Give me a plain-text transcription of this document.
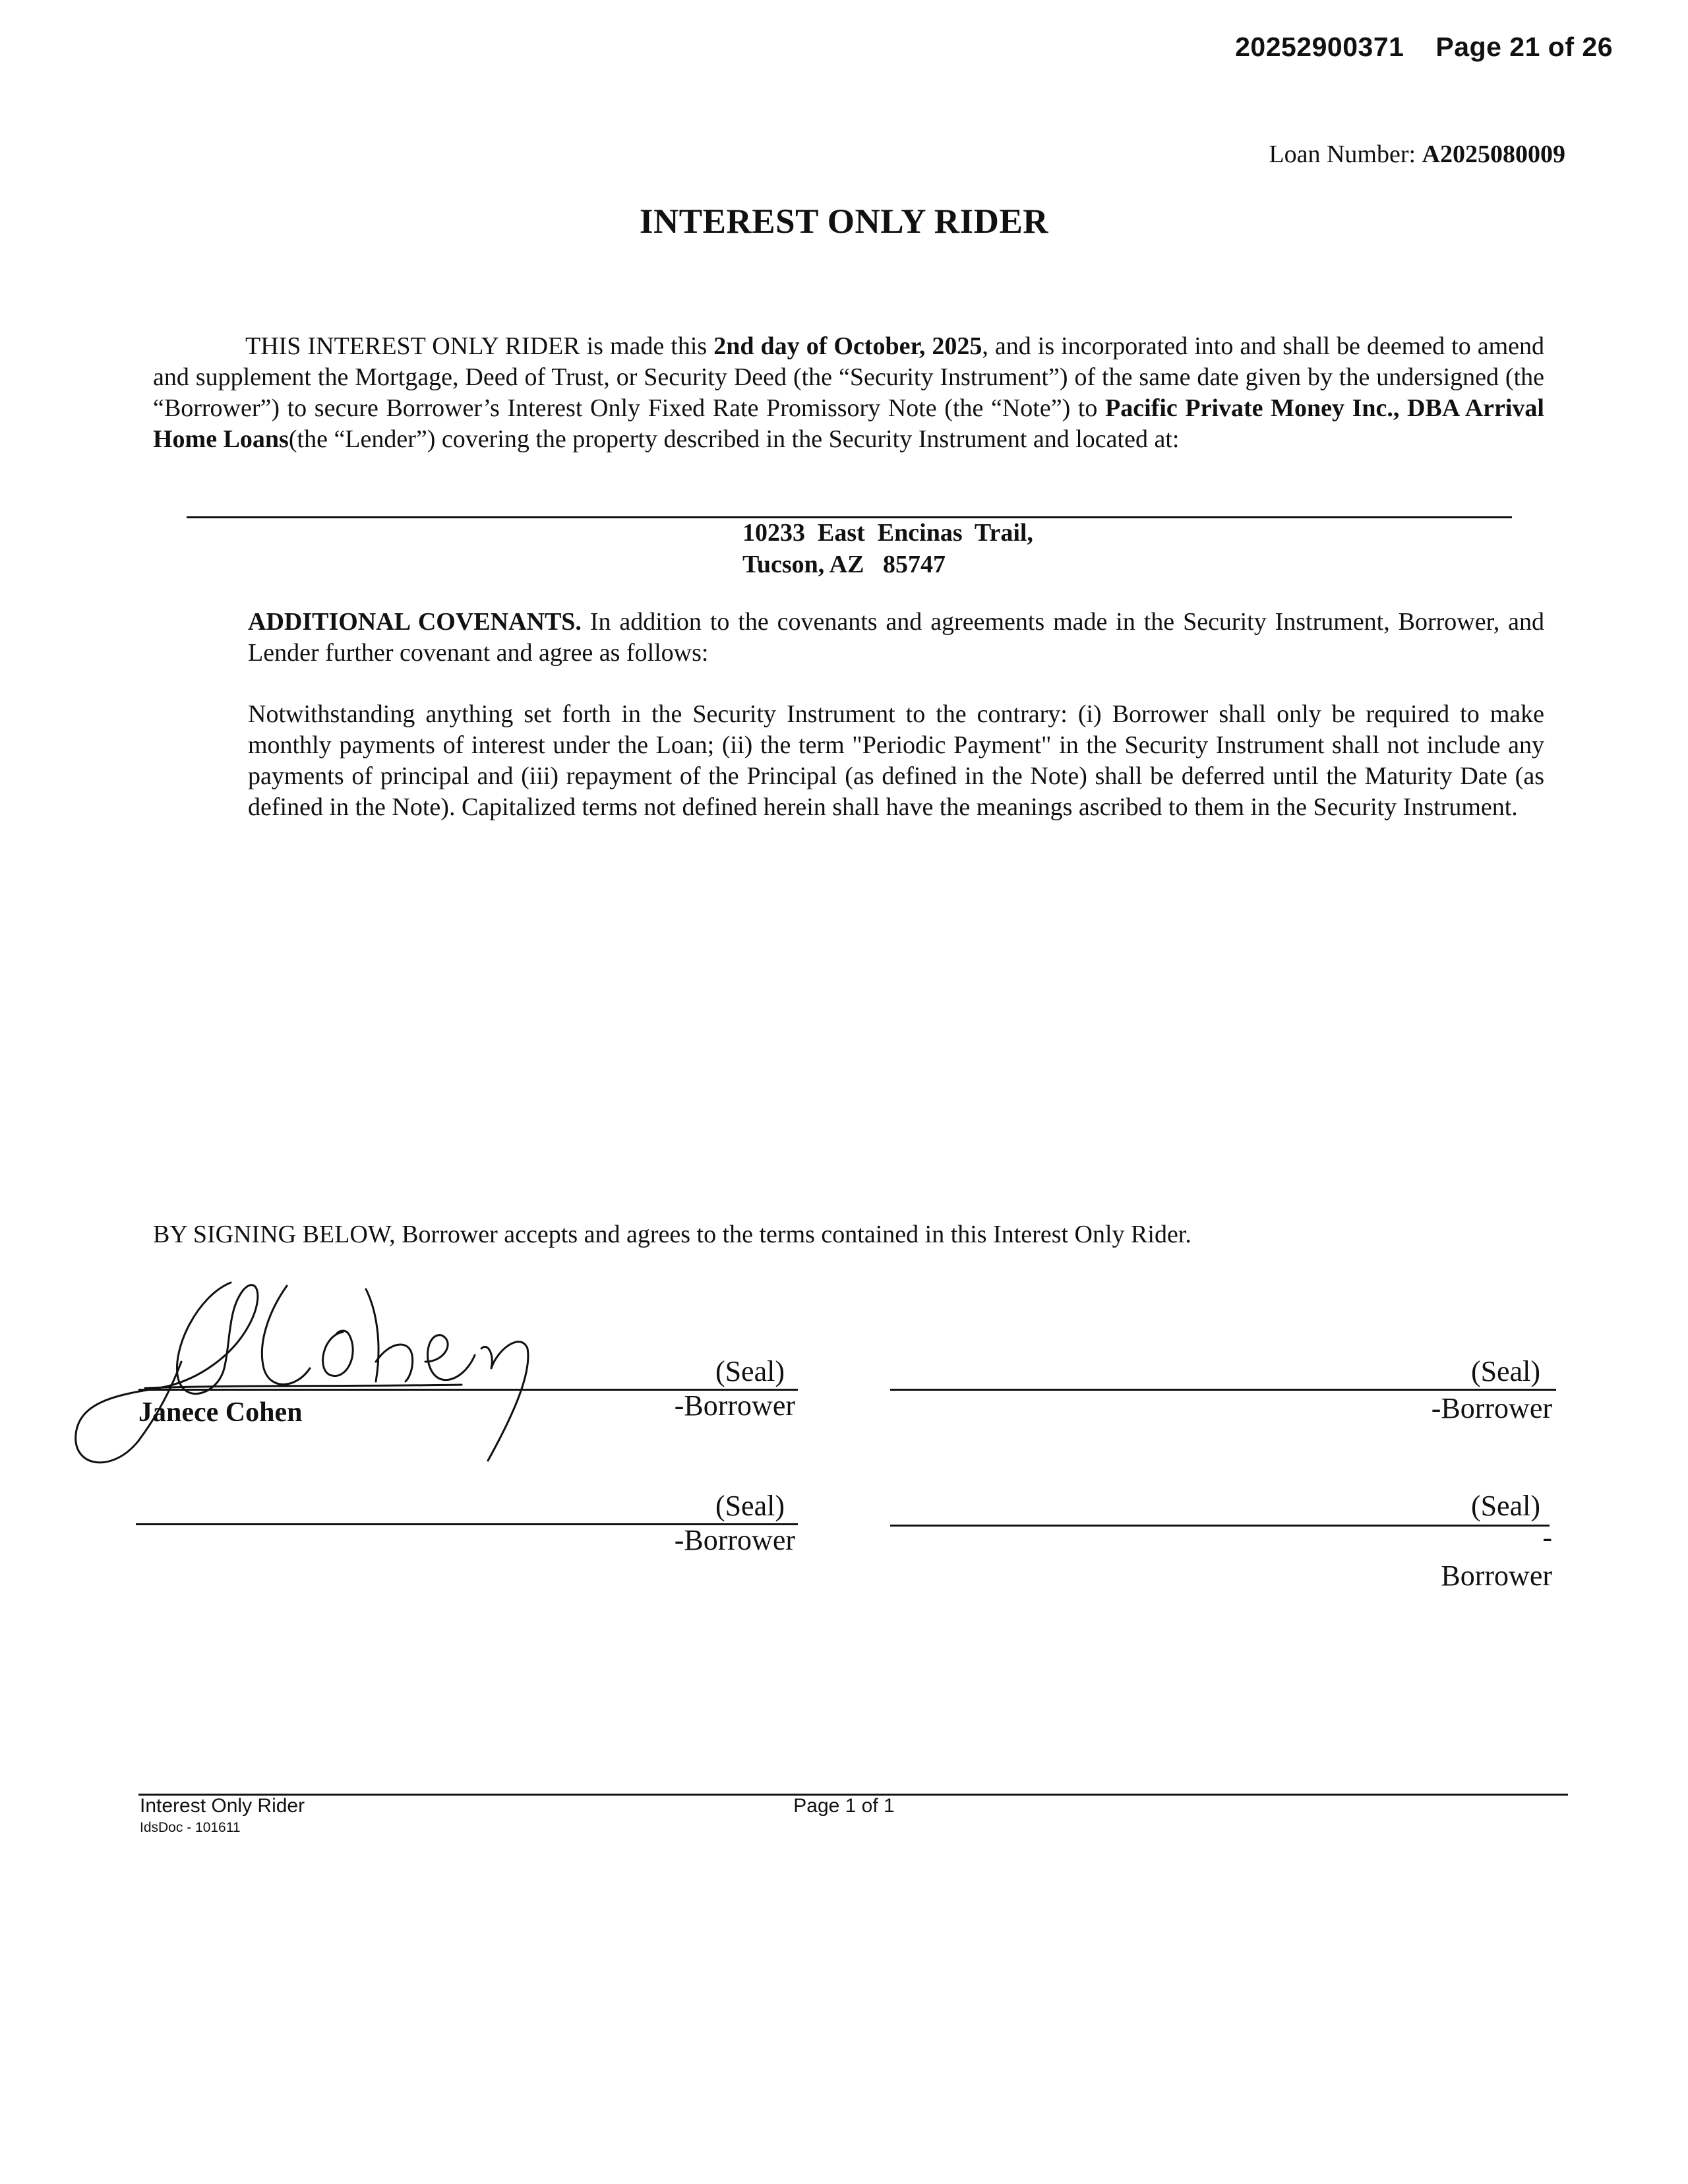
20252900371 Page 21 of 26
Loan Number: A2025080009
INTEREST ONLY RIDER
THIS INTEREST ONLY RIDER is made this 2nd day of October, 2025, and is incorporated into and shall be deemed to amend and supplement the Mortgage, Deed of Trust, or Security Deed (the “Security Instrument”) of the same date given by the undersigned (the “Borrower”) to secure Borrower’s Interest Only Fixed Rate Promissory Note (the “Note”) to Pacific Private Money Inc., DBA Arrival Home Loans(the “Lender”) covering the property described in the Security Instrument and located at:
10233  East  Encinas  Trail,
Tucson, AZ   85747
ADDITIONAL COVENANTS. In addition to the covenants and agreements made in the Security Instrument, Borrower, and Lender further covenant and agree as follows:
Notwithstanding anything set forth in the Security Instrument to the contrary: (i) Borrower shall only be required to make monthly payments of interest under the Loan; (ii) the term "Periodic Payment" in the Security Instrument shall not include any payments of principal and (iii) repayment of the Principal (as defined in the Note) shall be deferred until the Maturity Date (as defined in the Note). Capitalized terms not defined herein shall have the meanings ascribed to them in the Security Instrument.
BY SIGNING BELOW, Borrower accepts and agrees to the terms contained in this Interest Only Rider.
Janece Cohen
(Seal)
-Borrower
(Seal)
-Borrower
(Seal)
-Borrower
(Seal)
-
Borrower
Interest Only Rider
IdsDoc - 101611
Page 1 of 1
